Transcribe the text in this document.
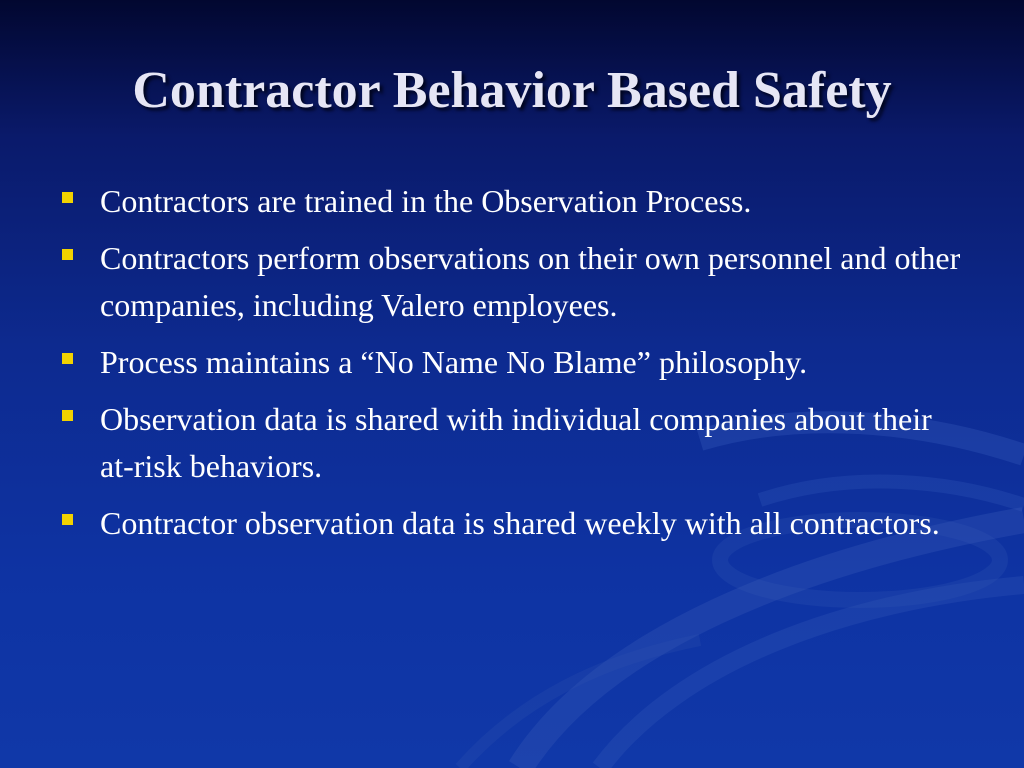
Contractor Behavior Based Safety
Contractors are trained in the Observation Process.
Contractors perform observations on their own personnel and other companies, including Valero employees.
Process maintains a “No Name No Blame” philosophy.
Observation data is shared with individual companies about their at-risk behaviors.
Contractor observation data is shared weekly with all contractors.
